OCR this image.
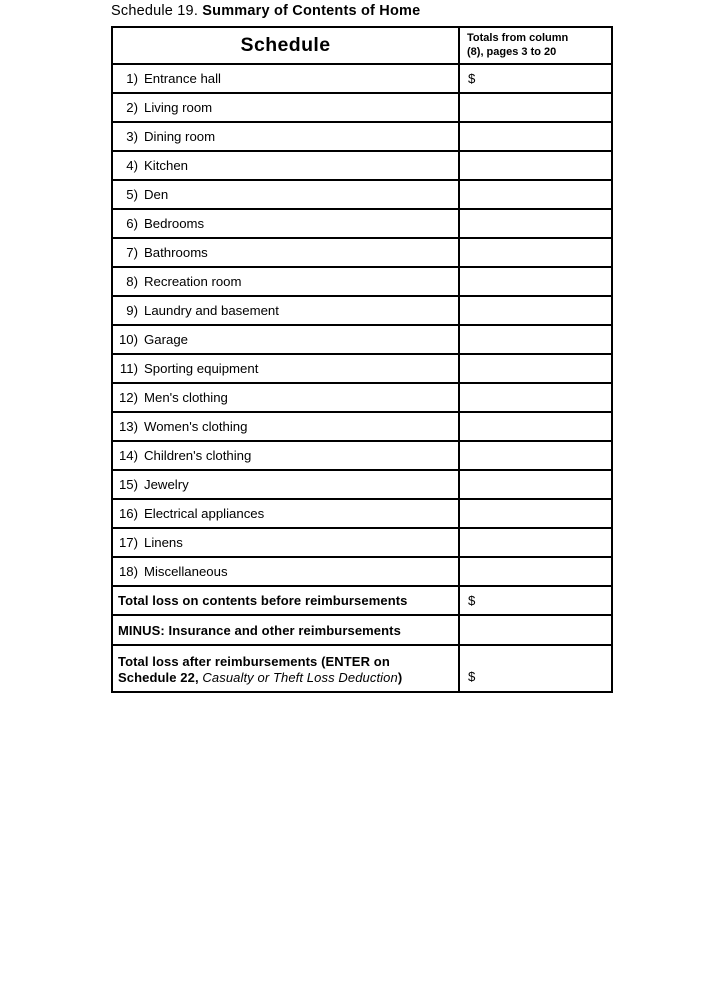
Schedule 19. Summary of Contents of Home
Schedule	Totals from column
(8), pages 3 to 20

1) Entrance hall	$
2) Living room	
3) Dining room	
4) Kitchen	
5) Den	
6) Bedrooms	
7) Bathrooms	
8) Recreation room	
9) Laundry and basement	
10) Garage	
11) Sporting equipment	
12) Men's clothing	
13) Women's clothing	
14) Children's clothing	
15) Jewelry	
16) Electrical appliances	
17) Linens	
18) Miscellaneous	
Total loss on contents before reimbursements	$
MINUS: Insurance and other reimbursements	

Total loss after reimbursements (ENTER on
Schedule 22, Casualty or Theft Loss Deduction)	$
